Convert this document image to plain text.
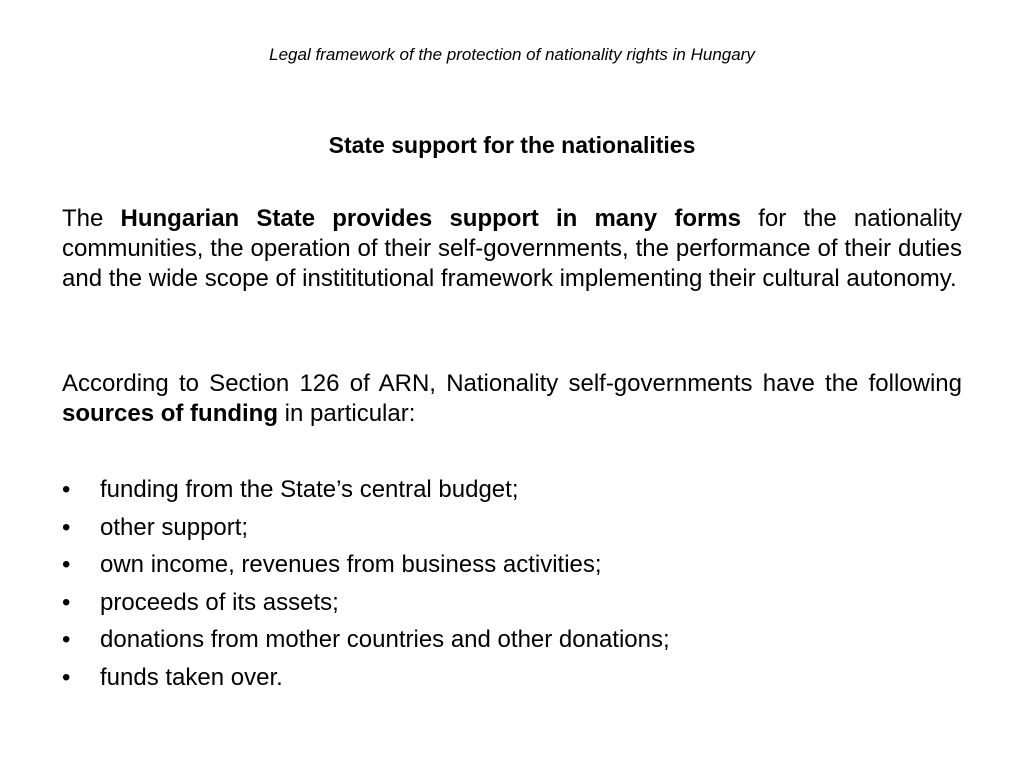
Legal framework of the protection of nationality rights in Hungary
State support for the nationalities
The Hungarian State provides support in many forms for the nationality communities, the operation of their self-governments, the performance of their duties and the wide scope of instititutional framework implementing their cultural autonomy.
According to Section 126 of ARN, Nationality self-governments have the following sources of funding in particular:
•	funding from the State’s central budget;
•	other support;
•	own income, revenues from business activities;
•	proceeds of its assets;
•	donations from mother countries and other donations;
•	funds taken over.
